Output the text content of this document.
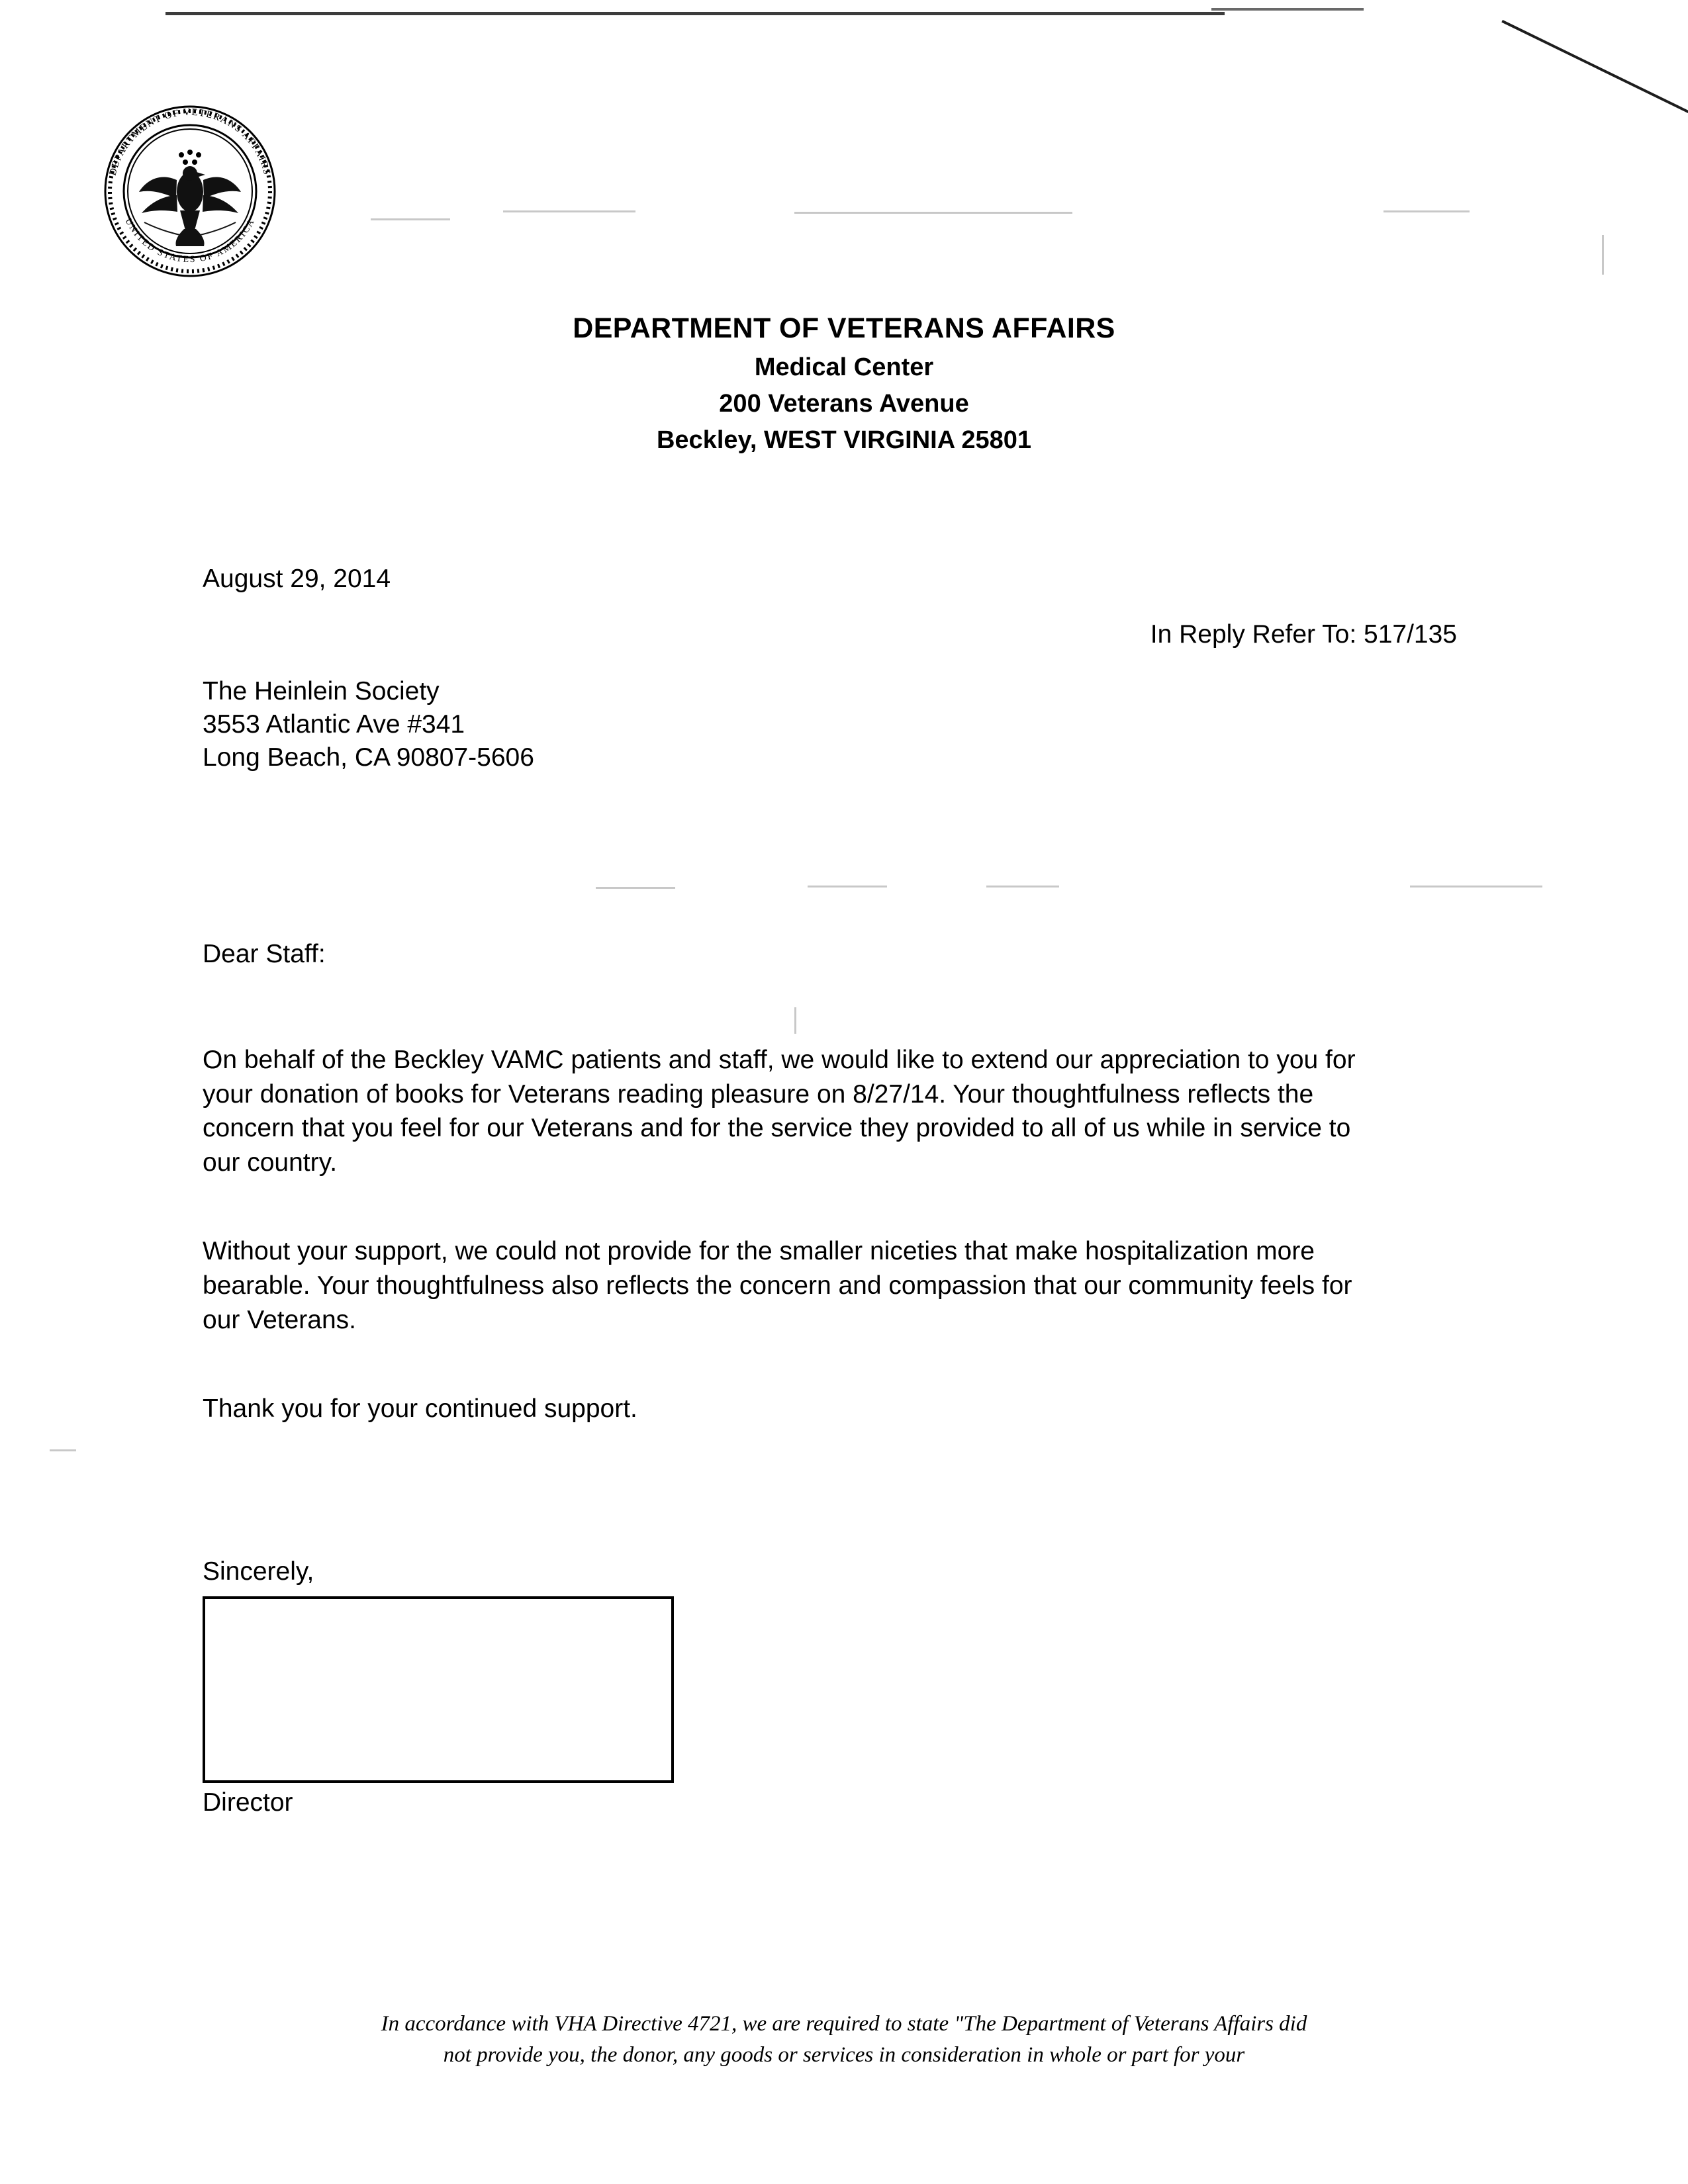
DEPARTMENT OF VETERANS AFFAIRS
UNITED STATES OF AMERICA
DEPARTMENT OF VETERANS AFFAIRS
Medical Center
200 Veterans Avenue
Beckley, WEST VIRGINIA 25801
August 29, 2014
In Reply Refer To: 517/135
The Heinlein Society
3553 Atlantic Ave #341
Long Beach, CA 90807-5606
Dear Staff:
On behalf of the Beckley VAMC patients and staff, we would like to extend our appreciation to you for your donation of books for Veterans reading pleasure on 8/27/14. Your thoughtfulness reflects the concern that you feel for our Veterans and for the service they provided to all of us while in service to our country.
Without your support, we could not provide for the smaller niceties that make hospitalization more bearable. Your thoughtfulness also reflects the concern and compassion that our community feels for our Veterans.
Thank you for your continued support.
Sincerely,
Director
In accordance with VHA Directive 4721, we are required to state "The Department of Veterans Affairs did
not provide you, the donor, any goods or services in consideration in whole or part for your
